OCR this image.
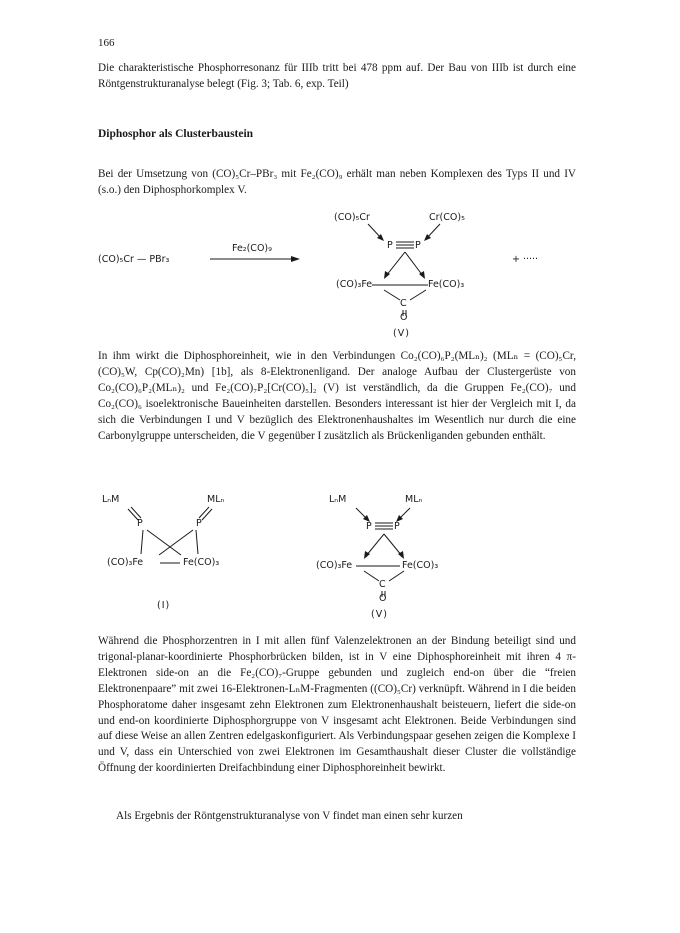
166
Die charakteristische Phosphorresonanz für IIIb tritt bei 478 ppm auf. Der Bau von IIIb ist durch eine Röntgenstrukturanalyse belegt (Fig. 3; Tab. 6, exp. Teil)
Diphosphor als Clusterbaustein
Bei der Umsetzung von (CO)₅Cr–PBr₃ mit Fe₂(CO)₉ erhält man neben Komplexen des Typs II und IV (s.o.) den Diphosphorkomplex V.
(CO)₅Cr — PBr₃
Fe₂(CO)₉
(CO)₅Cr	Cr(CO)₅
P P
(CO)₃Fe	Fe(CO)₃
C
O
(V)
+ ·····
In ihm wirkt die Diphosphoreinheit, wie in den Verbindungen Co₂(CO)₆P₂(MLₙ)₂ (MLₙ = (CO)₅Cr, (CO)₅W, Cp(CO)₂Mn) [1b], als 8-Elektronenligand. Der analoge Aufbau der Clustergerüste von Co₂(CO)₆P₂(MLₙ)₂ und Fe₂(CO)₇P₂[Cr(CO)₅]₂ (V) ist verständlich, da die Gruppen Fe₂(CO)₇ und Co₂(CO)₆ isoelektronische Baueinheiten darstellen. Besonders interessant ist hier der Vergleich mit I, da sich die Verbindungen I und V bezüglich des Elektronenhaushaltes im Wesentlich nur durch die eine Carbonylgruppe unterscheiden, die V gegenüber I zusätzlich als Brückenliganden gebunden enthält.
LₙM	MLₙ
P	P
(CO)₃Fe	Fe(CO)₃
(I)
LₙM	MLₙ
P P
(CO)₃Fe	Fe(CO)₃
C
O
(V)
Während die Phosphorzentren in I mit allen fünf Valenzelektronen an der Bindung beteiligt sind und trigonal-planar-koordinierte Phosphorbrücken bilden, ist in V eine Diphosphoreinheit mit ihren 4 π-Elektronen side-on an die Fe₂(CO)₇-Gruppe gebunden und zugleich end-on über die “freien Elektronenpaare” mit zwei 16-Elektronen-LₙM-Fragmenten ((CO)₅Cr) verknüpft. Während in I die beiden Phosphoratome daher insgesamt zehn Elektronen zum Elektronenhaushalt beisteuern, liefert die side-on und end-on koordinierte Diphosphorgruppe von V insgesamt acht Elektronen. Beide Verbindungen sind auf diese Weise an allen Zentren edelgaskonfiguriert. Als Verbindungspaar gesehen zeigen die Komplexe I und V, dass ein Unterschied von zwei Elektronen im Gesamthaushalt dieser Cluster die vollständige Öffnung der koordinierten Dreifachbindung einer Diphosphoreinheit bewirkt.
Als Ergebnis der Röntgenstrukturanalyse von V findet man einen sehr kurzen
